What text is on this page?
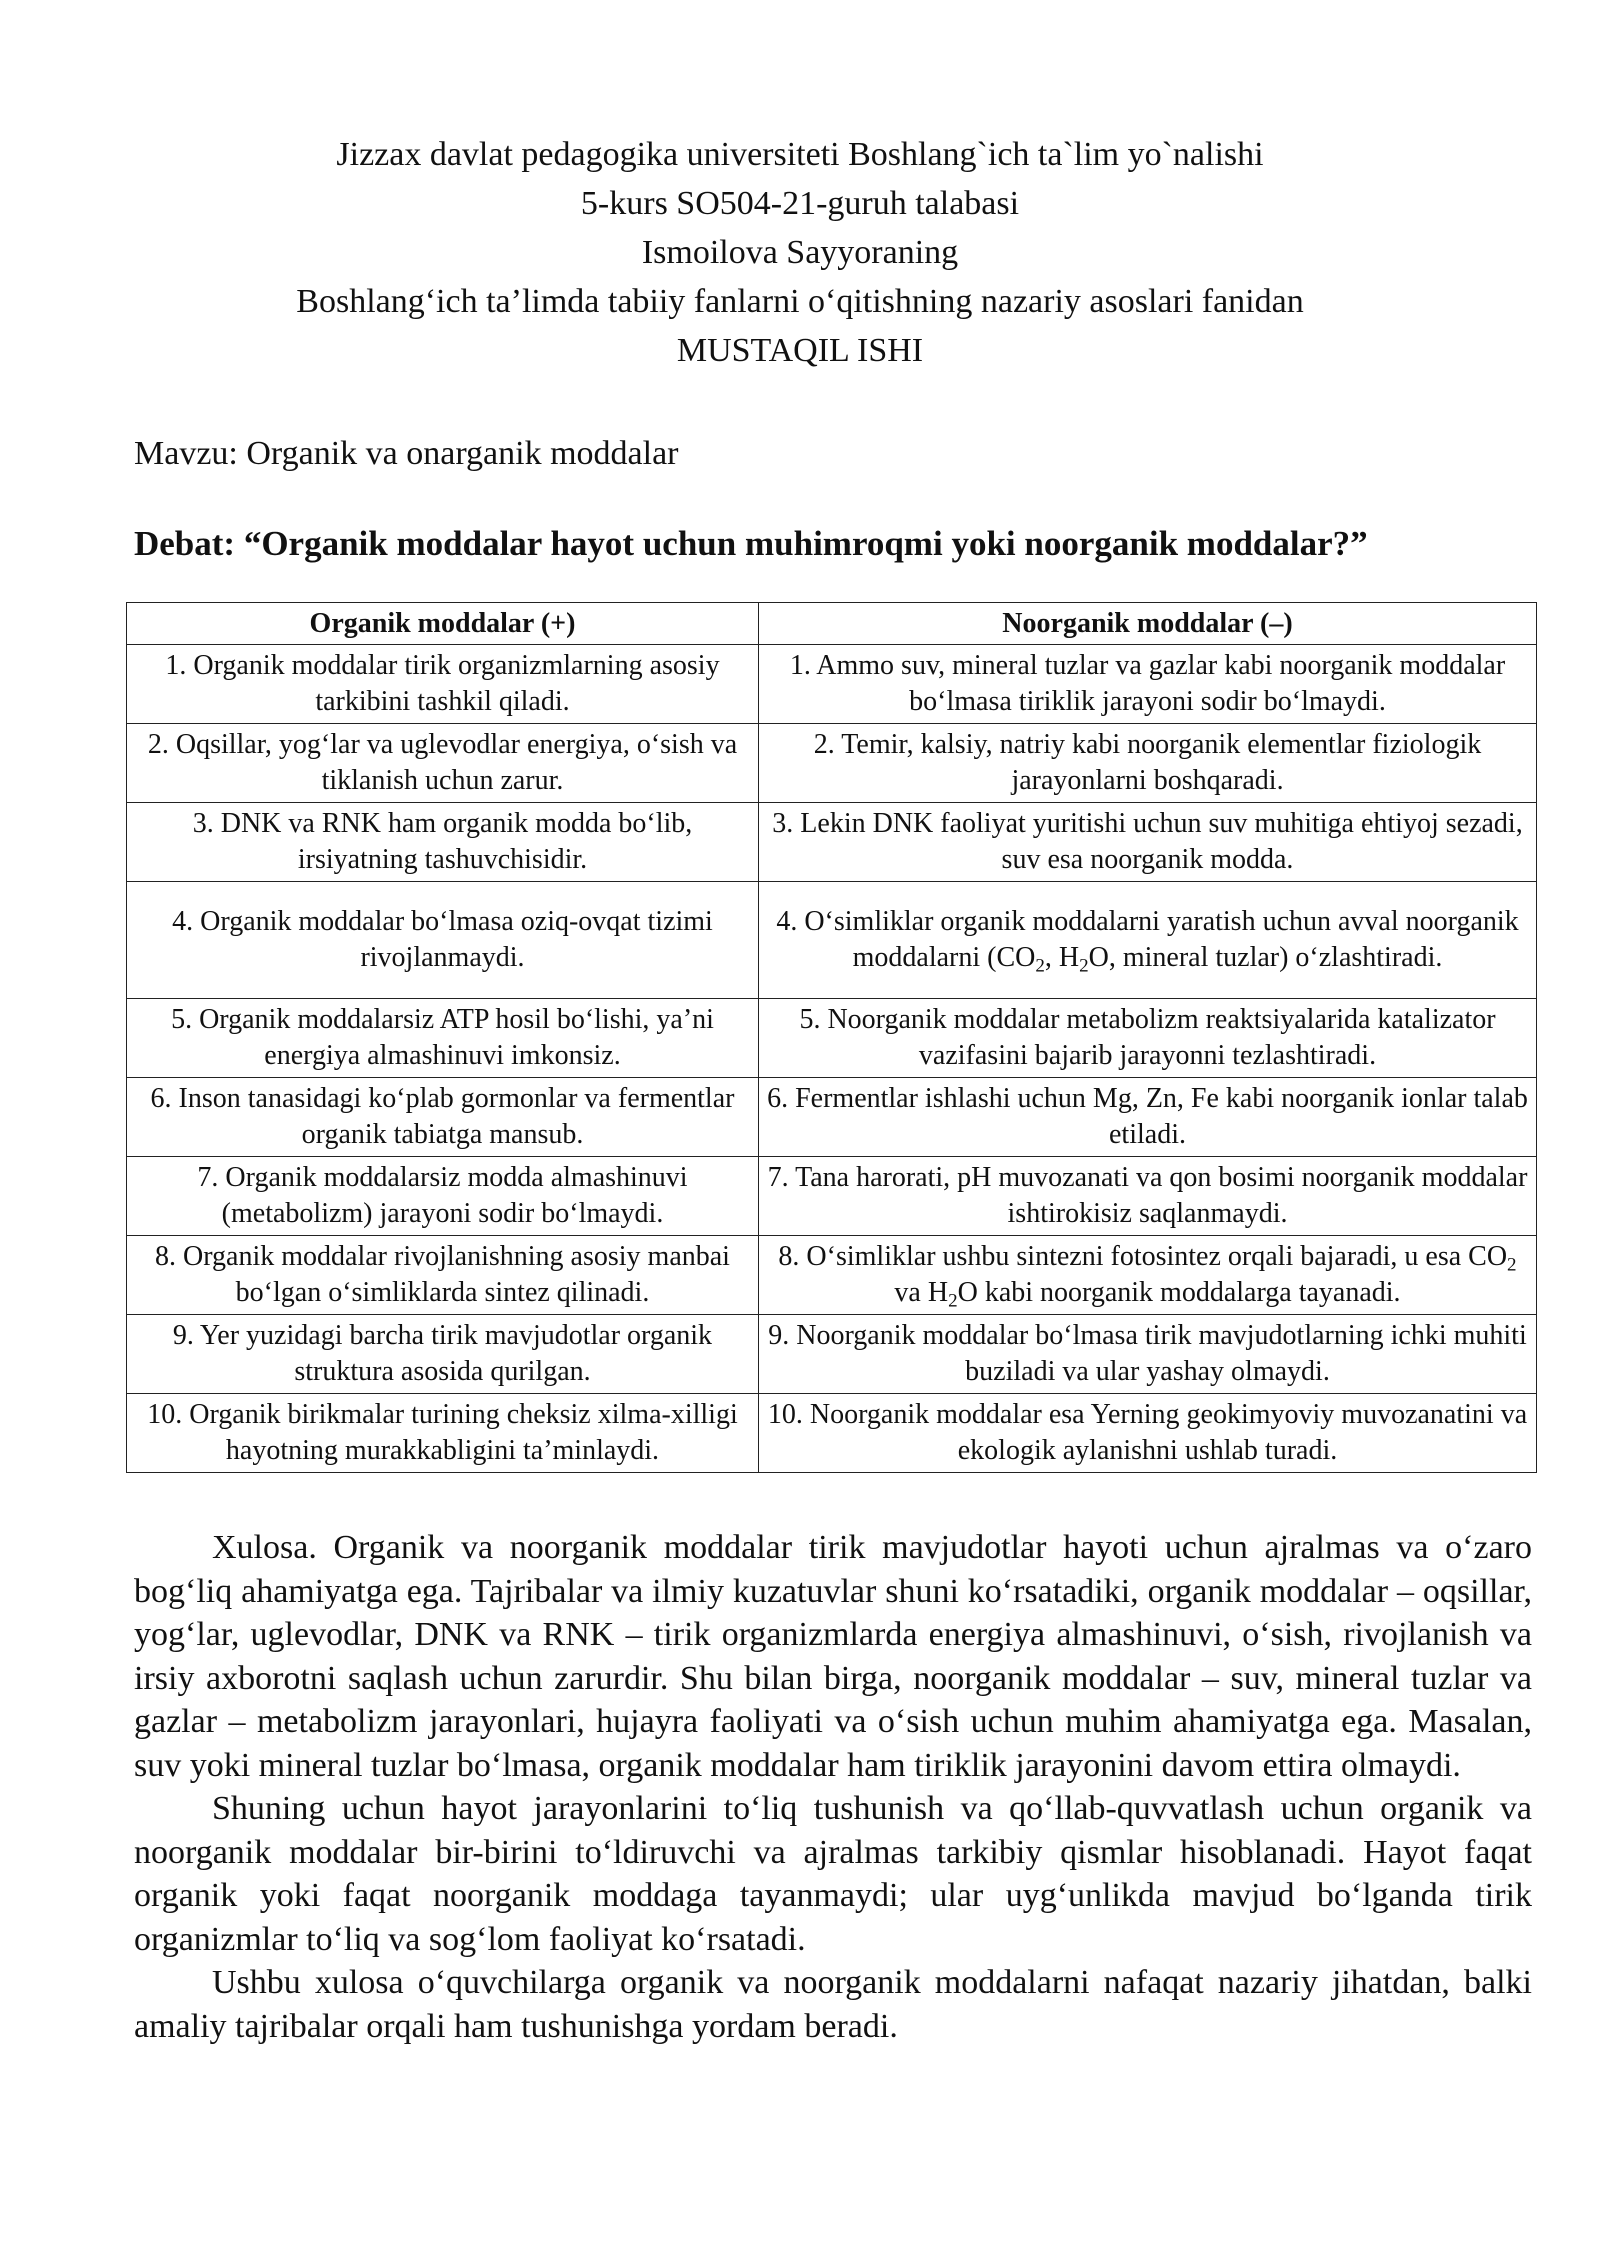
Jizzax davlat pedagogika universiteti Boshlang`ich ta`lim yo`nalishi
5-kurs SO504-21-guruh talabasi
Ismoilova Sayyoraning
Boshlang‘ich ta’limda tabiiy fanlarni o‘qitishning nazariy asoslari fanidan
MUSTAQIL ISHI
Mavzu: Organik va onarganik moddalar
Debat: “Organik moddalar hayot uchun muhimroqmi yoki noorganik moddalar?”
Organik moddalar (+)	Noorganik moddalar (–)
1. Organik moddalar tirik organizmlarning asosiy tarkibini tashkil qiladi.	1. Ammo suv, mineral tuzlar va gazlar kabi noorganik moddalar bo‘lmasa tiriklik jarayoni sodir bo‘lmaydi.
2. Oqsillar, yog‘lar va uglevodlar energiya, o‘sish va tiklanish uchun zarur.	2. Temir, kalsiy, natriy kabi noorganik elementlar fiziologik jarayonlarni boshqaradi.
3. DNK va RNK ham organik modda bo‘lib, irsiyatning tashuvchisidir.	3. Lekin DNK faoliyat yuritishi uchun suv muhitiga ehtiyoj sezadi, suv esa noorganik modda.
4. Organik moddalar bo‘lmasa oziq-ovqat tizimi rivojlanmaydi.	4. O‘simliklar organik moddalarni yaratish uchun avval noorganik moddalarni ($CO_2$, $H_2O$, mineral tuzlar) o‘zlashtiradi.
5. Organik moddalarsiz ATP hosil bo‘lishi, ya’ni energiya almashinuvi imkonsiz.	5. Noorganik moddalar metabolizm reaktsiyalarida katalizator vazifasini bajarib jarayonni tezlashtiradi.
6. Inson tanasidagi ko‘plab gormonlar va fermentlar organik tabiatga mansub.	6. Fermentlar ishlashi uchun Mg, Zn, Fe kabi noorganik ionlar talab etiladi.
7. Organik moddalarsiz modda almashinuvi (metabolizm) jarayoni sodir bo‘lmaydi.	7. Tana harorati, pH muvozanati va qon bosimi noorganik moddalar ishtirokisiz saqlanmaydi.
8. Organik moddalar rivojlanishning asosiy manbai bo‘lgan o‘simliklarda sintez qilinadi.	8. O‘simliklar ushbu sintezni fotosintez orqali bajaradi, u esa $CO_2$ va $H_2O$ kabi noorganik moddalarga tayanadi.
9. Yer yuzidagi barcha tirik mavjudotlar organik struktura asosida qurilgan.	9. Noorganik moddalar bo‘lmasa tirik mavjudotlarning ichki muhiti buziladi va ular yashay olmaydi.
10. Organik birikmalar turining cheksiz xilma-xilligi hayotning murakkabligini ta’minlaydi.	10. Noorganik moddalar esa Yerning geokimyoviy muvozanatini va ekologik aylanishni ushlab turadi.

Xulosa. Organik va noorganik moddalar tirik mavjudotlar hayoti uchun ajralmas va o‘zaro bog‘liq ahamiyatga ega. Tajribalar va ilmiy kuzatuvlar shuni ko‘rsatadiki, organik moddalar – oqsillar, yog‘lar, uglevodlar, DNK va RNK – tirik organizmlarda energiya almashinuvi, o‘sish, rivojlanish va irsiy axborotni saqlash uchun zarurdir. Shu bilan birga, noorganik moddalar – suv, mineral tuzlar va gazlar – metabolizm jarayonlari, hujayra faoliyati va o‘sish uchun muhim ahamiyatga ega. Masalan, suv yoki mineral tuzlar bo‘lmasa, organik moddalar ham tiriklik jarayonini davom ettira olmaydi.

Shuning uchun hayot jarayonlarini to‘liq tushunish va qo‘llab-quvvatlash uchun organik va noorganik moddalar bir-birini to‘ldiruvchi va ajralmas tarkibiy qismlar hisoblanadi. Hayot faqat organik yoki faqat noorganik moddaga tayanmaydi; ular uyg‘unlikda mavjud bo‘lganda tirik organizmlar to‘liq va sog‘lom faoliyat ko‘rsatadi.

Ushbu xulosa o‘quvchilarga organik va noorganik moddalarni nafaqat nazariy jihatdan, balki amaliy tajribalar orqali ham tushunishga yordam beradi.
